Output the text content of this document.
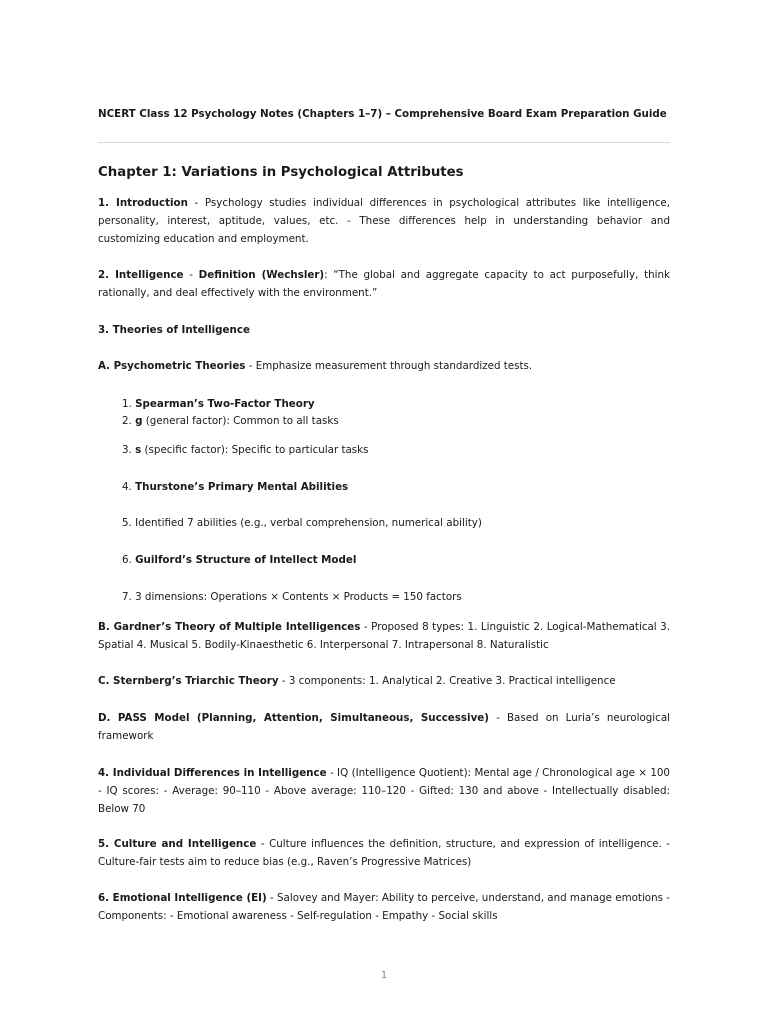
NCERT Class 12 Psychology Notes (Chapters 1–7) – Comprehensive Board Exam Preparation Guide

Chapter 1: Variations in Psychological Attributes

1. Introduction - Psychology studies individual differences in psychological attributes like intelligence, personality, interest, aptitude, values, etc. - These differences help in understanding behavior and customizing education and employment.

2. Intelligence - Definition (Wechsler): “The global and aggregate capacity to act purposefully, think rationally, and deal effectively with the environment.”

3. Theories of Intelligence

A. Psychometric Theories - Emphasize measurement through standardized tests.

1. Spearman’s Two-Factor Theory

2. g (general factor): Common to all tasks

3. s (specific factor): Specific to particular tasks

4. Thurstone’s Primary Mental Abilities

5. Identified 7 abilities (e.g., verbal comprehension, numerical ability)

6. Guilford’s Structure of Intellect Model

7. 3 dimensions: Operations × Contents × Products = 150 factors

B. Gardner’s Theory of Multiple Intelligences - Proposed 8 types: 1. Linguistic 2. Logical-Mathematical 3. Spatial 4. Musical 5. Bodily-Kinaesthetic 6. Interpersonal 7. Intrapersonal 8. Naturalistic

C. Sternberg’s Triarchic Theory - 3 components: 1. Analytical 2. Creative 3. Practical intelligence

D. PASS Model (Planning, Attention, Simultaneous, Successive) - Based on Luria’s neurological framework

4. Individual Differences in Intelligence - IQ (Intelligence Quotient): Mental age / Chronological age × 100 - IQ scores: - Average: 90–110 - Above average: 110–120 - Gifted: 130 and above - Intellectually disabled: Below 70

5. Culture and Intelligence - Culture influences the definition, structure, and expression of intelligence. - Culture-fair tests aim to reduce bias (e.g., Raven’s Progressive Matrices)

6. Emotional Intelligence (EI) - Salovey and Mayer: Ability to perceive, understand, and manage emotions - Components: - Emotional awareness - Self-regulation - Empathy - Social skills

1
